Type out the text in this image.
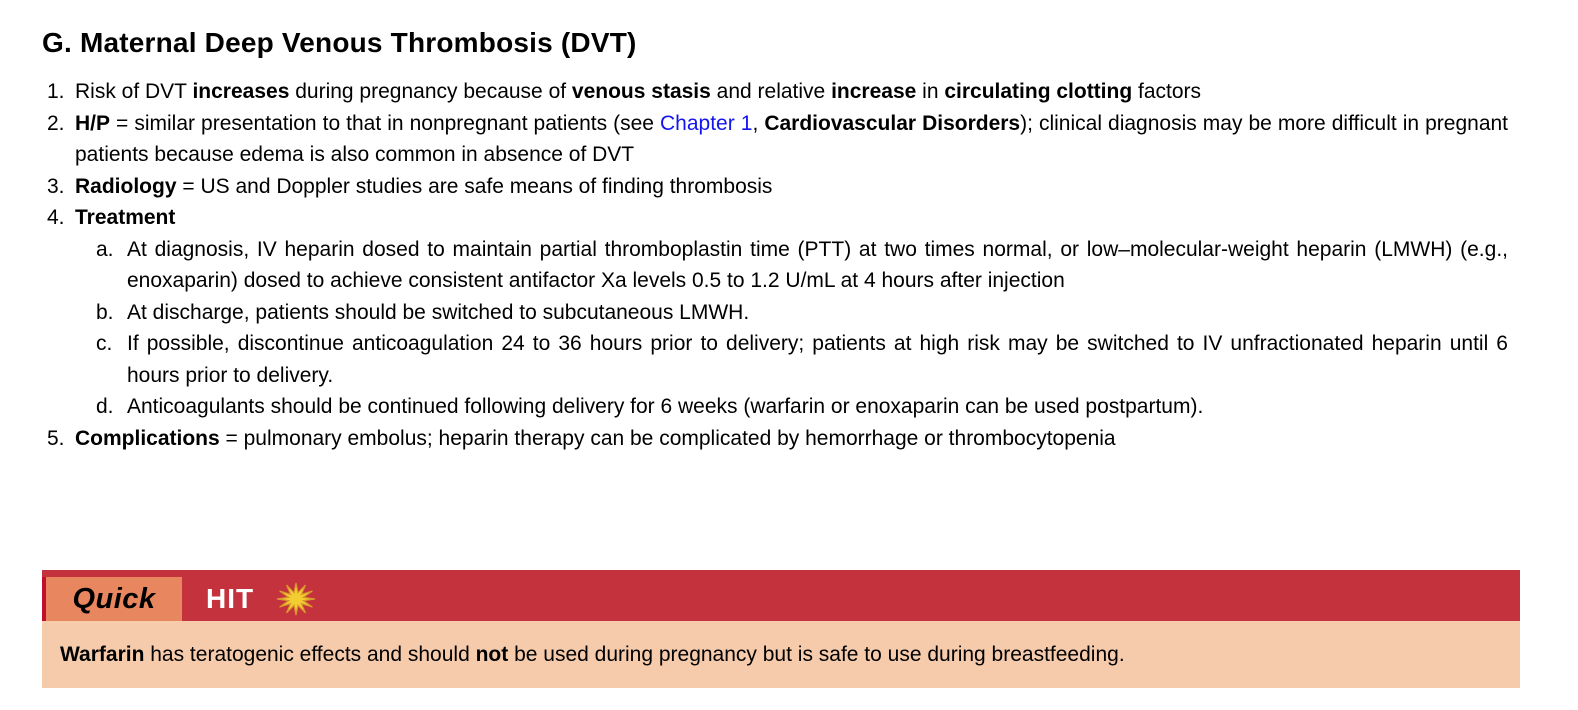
G. Maternal Deep Venous Thrombosis (DVT)
1. Risk of DVT increases during pregnancy because of venous stasis and relative increase in circulating clotting factors
2. H/P = similar presentation to that in nonpregnant patients (see Chapter 1, Cardiovascular Disorders); clinical diagnosis may be more difficult in pregnant patients because edema is also common in absence of DVT
3. Radiology = US and Doppler studies are safe means of finding thrombosis
4. Treatment
a. At diagnosis, IV heparin dosed to maintain partial thromboplastin time (PTT) at two times normal, or low–molecular-weight heparin (LMWH) (e.g., enoxaparin) dosed to achieve consistent antifactor Xa levels 0.5 to 1.2 U/mL at 4 hours after injection
b. At discharge, patients should be switched to subcutaneous LMWH.
c. If possible, discontinue anticoagulation 24 to 36 hours prior to delivery; patients at high risk may be switched to IV unfractionated heparin until 6 hours prior to delivery.
d. Anticoagulants should be continued following delivery for 6 weeks (warfarin or enoxaparin can be used postpartum).
5. Complications = pulmonary embolus; heparin therapy can be complicated by hemorrhage or thrombocytopenia
Quick HIT
Warfarin has teratogenic effects and should not be used during pregnancy but is safe to use during breastfeeding.
